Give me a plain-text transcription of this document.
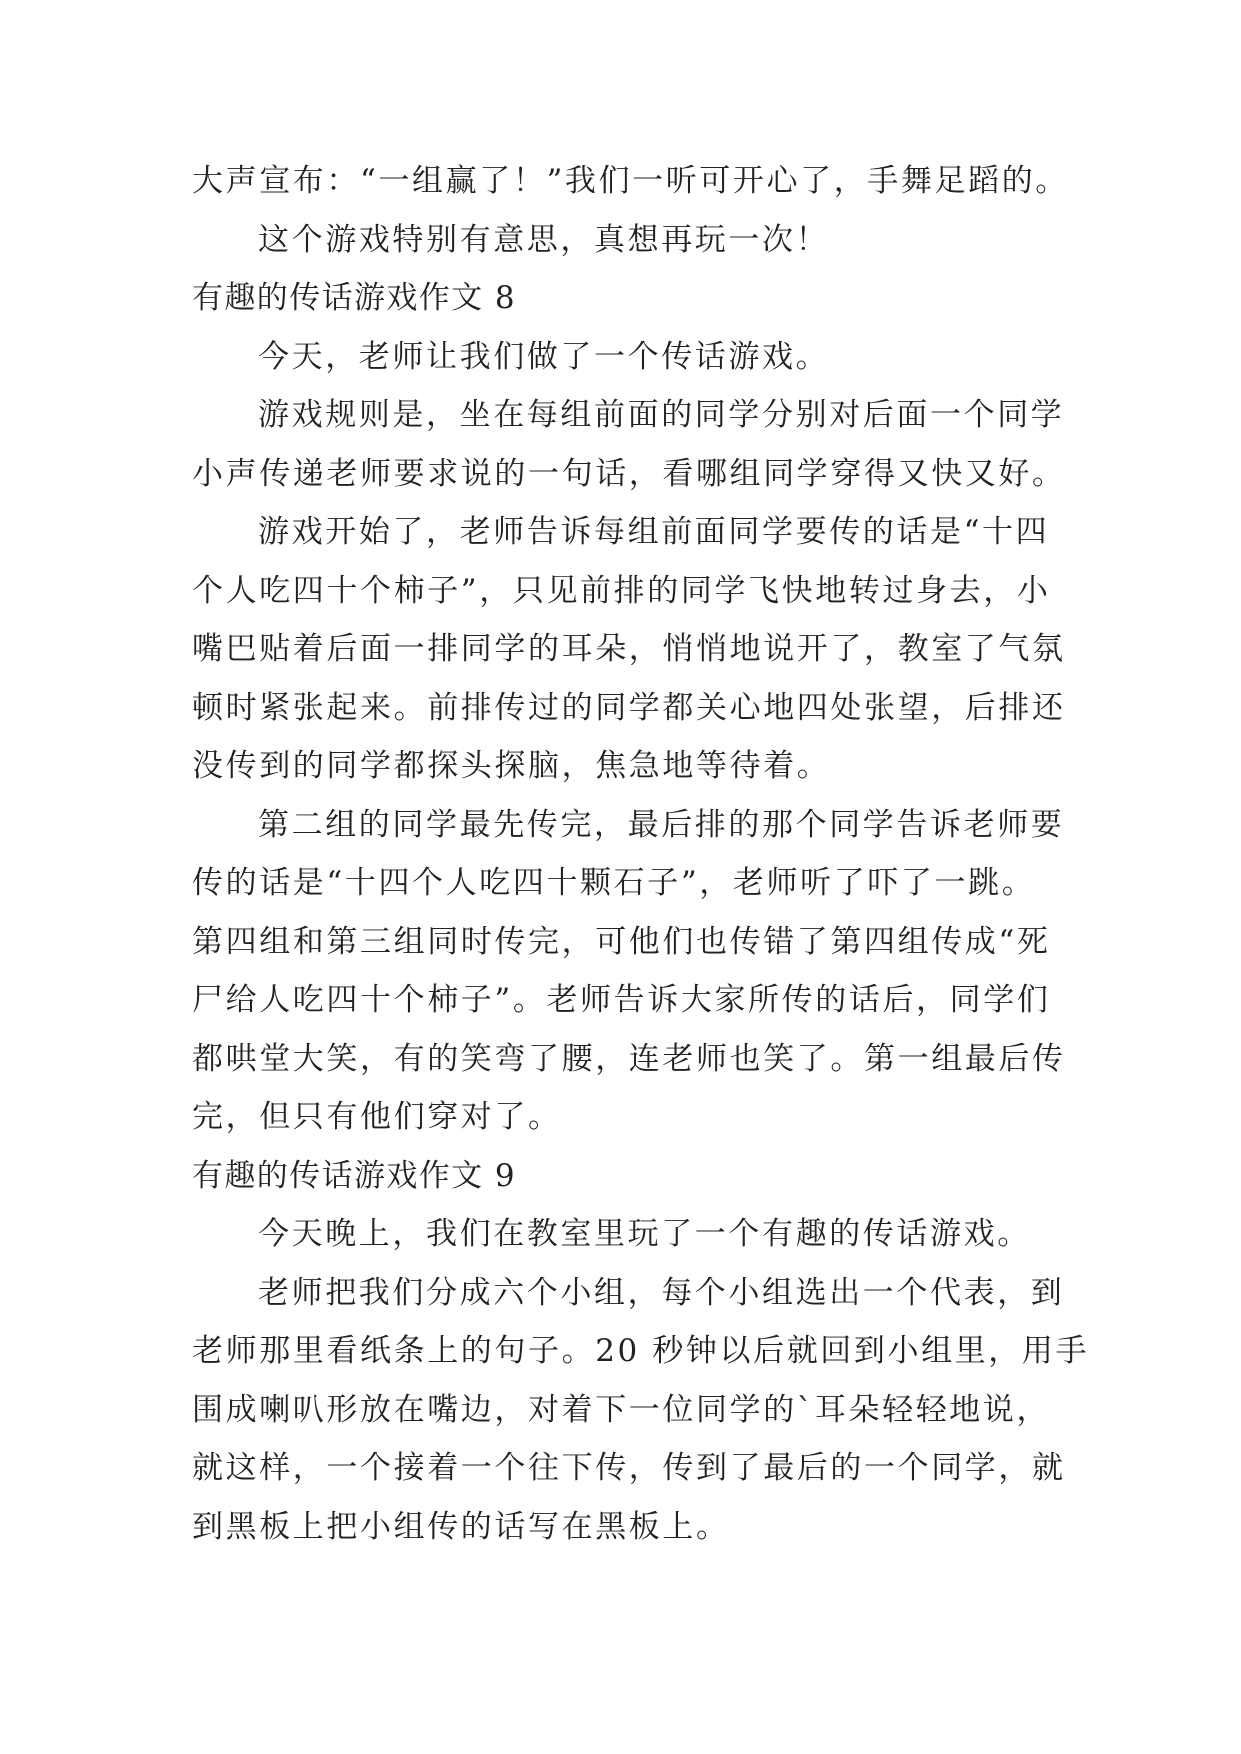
大声宣布：“一组赢了！”我们一听可开心了，手舞足蹈的。

这个游戏特别有意思，真想再玩一次！

有趣的传话游戏作文 8

今天，老师让我们做了一个传话游戏。

游戏规则是，坐在每组前面的同学分别对后面一个同学

小声传递老师要求说的一句话，看哪组同学穿得又快又好。

游戏开始了，老师告诉每组前面同学要传的话是“十四

个人吃四十个柿子”，只见前排的同学飞快地转过身去，小

嘴巴贴着后面一排同学的耳朵，悄悄地说开了，教室了气氛

顿时紧张起来。前排传过的同学都关心地四处张望，后排还

没传到的同学都探头探脑，焦急地等待着。

第二组的同学最先传完，最后排的那个同学告诉老师要

传的话是“十四个人吃四十颗石子”，老师听了吓了一跳。

第四组和第三组同时传完，可他们也传错了第四组传成“死

尸给人吃四十个柿子”。老师告诉大家所传的话后，同学们

都哄堂大笑，有的笑弯了腰，连老师也笑了。第一组最后传

完，但只有他们穿对了。

有趣的传话游戏作文 9

今天晚上，我们在教室里玩了一个有趣的传话游戏。

老师把我们分成六个小组，每个小组选出一个代表，到

老师那里看纸条上的句子。20 秒钟以后就回到小组里，用手

围成喇叭形放在嘴边，对着下一位同学的`耳朵轻轻地说，

就这样，一个接着一个往下传，传到了最后的一个同学，就

到黑板上把小组传的话写在黑板上。
